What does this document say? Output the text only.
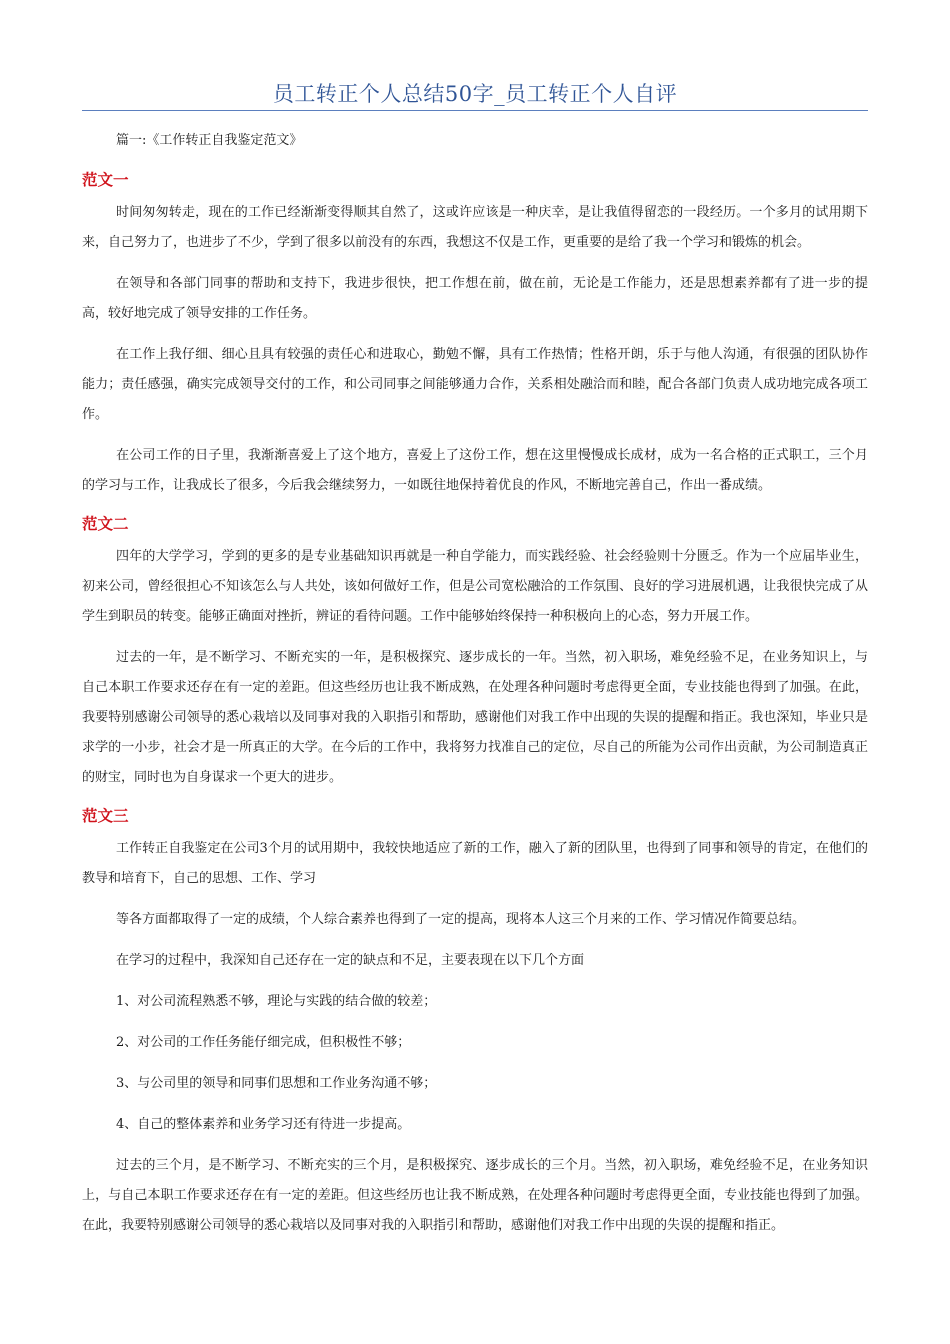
员工转正个人总结50字_员工转正个人自评
篇一:《工作转正自我鉴定范文》
范文一

时间匆匆转走，现在的工作已经渐渐变得顺其自然了，这或许应该是一种庆幸，是让我值得留恋的一段经历。一个多月的试用期下来，自己努力了，也进步了不少，学到了很多以前没有的东西，我想这不仅是工作，更重要的是给了我一个学习和锻炼的机会。

在领导和各部门同事的帮助和支持下，我进步很快，把工作想在前，做在前，无论是工作能力，还是思想素养都有了进一步的提高，较好地完成了领导安排的工作任务。

在工作上我仔细、细心且具有较强的责任心和进取心，勤勉不懈，具有工作热情；性格开朗，乐于与他人沟通，有很强的团队协作能力；责任感强，确实完成领导交付的工作，和公司同事之间能够通力合作，关系相处融洽而和睦，配合各部门负责人成功地完成各项工作。

在公司工作的日子里，我渐渐喜爱上了这个地方，喜爱上了这份工作，想在这里慢慢成长成材，成为一名合格的正式职工，三个月的学习与工作，让我成长了很多，今后我会继续努力，一如既往地保持着优良的作风，不断地完善自己，作出一番成绩。

范文二

四年的大学学习，学到的更多的是专业基础知识再就是一种自学能力，而实践经验、社会经验则十分匮乏。作为一个应届毕业生，初来公司，曾经很担心不知该怎么与人共处，该如何做好工作，但是公司宽松融洽的工作氛围、良好的学习进展机遇，让我很快完成了从学生到职员的转变。能够正确面对挫折，辨证的看待问题。工作中能够始终保持一种积极向上的心态，努力开展工作。

过去的一年，是不断学习、不断充实的一年，是积极探究、逐步成长的一年。当然，初入职场，难免经验不足，在业务知识上，与自己本职工作要求还存在有一定的差距。但这些经历也让我不断成熟，在处理各种问题时考虑得更全面，专业技能也得到了加强。在此，我要特别感谢公司领导的悉心栽培以及同事对我的入职指引和帮助，感谢他们对我工作中出现的失误的提醒和指正。我也深知，毕业只是求学的一小步，社会才是一所真正的大学。在今后的工作中，我将努力找准自己的定位，尽自己的所能为公司作出贡献，为公司制造真正的财宝，同时也为自身谋求一个更大的进步。

范文三

工作转正自我鉴定在公司3个月的试用期中，我较快地适应了新的工作，融入了新的团队里，也得到了同事和领导的肯定，在他们的教导和培育下，自己的思想、工作、学习

等各方面都取得了一定的成绩，个人综合素养也得到了一定的提高，现将本人这三个月来的工作、学习情况作简要总结。

在学习的过程中，我深知自己还存在一定的缺点和不足，主要表现在以下几个方面

1、对公司流程熟悉不够，理论与实践的结合做的较差；

2、对公司的工作任务能仔细完成，但积极性不够；

3、与公司里的领导和同事们思想和工作业务沟通不够；

4、自己的整体素养和业务学习还有待进一步提高。

过去的三个月，是不断学习、不断充实的三个月，是积极探究、逐步成长的三个月。当然，初入职场，难免经验不足，在业务知识上，与自己本职工作要求还存在有一定的差距。但这些经历也让我不断成熟，在处理各种问题时考虑得更全面，专业技能也得到了加强。在此，我要特别感谢公司领导的悉心栽培以及同事对我的入职指引和帮助，感谢他们对我工作中出现的失误的提醒和指正。
